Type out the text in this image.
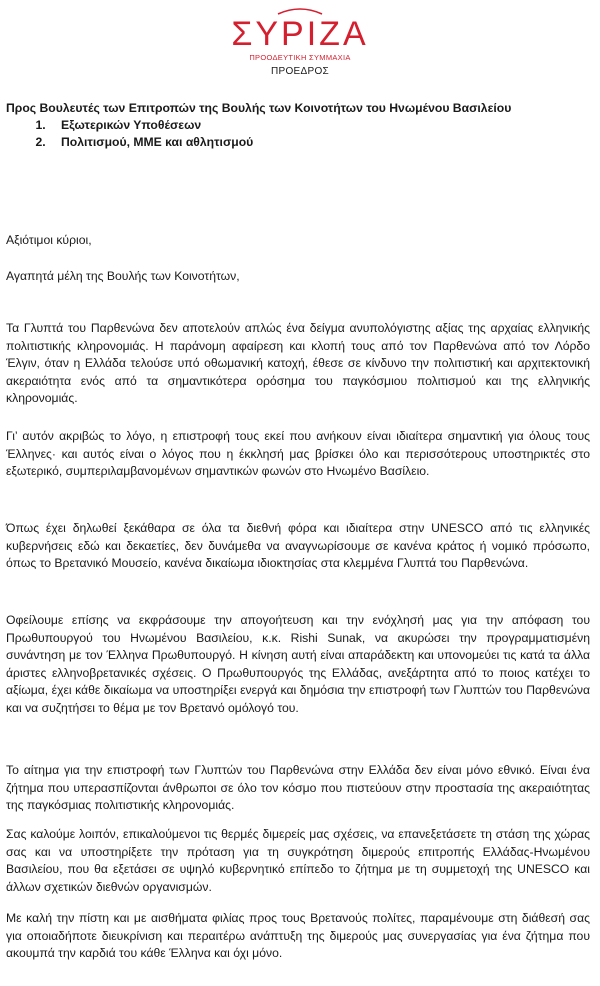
ΣΥΡΙΖΑ
ΠΡΟΟΔΕΥΤΙΚΗ ΣΥΜΜΑΧΙΑ
ΠΡΟΕΔΡΟΣ
Προς Βουλευτές των Επιτροπών της Βουλής των Κοινοτήτων του Ηνωμένου Βασιλείου
1. Εξωτερικών Υποθέσεων
2. Πολιτισμού, ΜΜΕ και αθλητισμού
Αξιότιμοι κύριοι,
Αγαπητά μέλη της Βουλής των Κοινοτήτων,

Τα Γλυπτά του Παρθενώνα δεν αποτελούν απλώς ένα δείγμα ανυπολόγιστης αξίας της αρχαίας ελληνικής πολιτιστικής κληρονομιάς. Η παράνομη αφαίρεση και κλοπή τους από τον Παρθενώνα από τον Λόρδο Έλγιν, όταν η Ελλάδα τελούσε υπό οθωμανική κατοχή, έθεσε σε κίνδυνο την πολιτιστική και αρχιτεκτονική ακεραιότητα ενός από τα σημαντικότερα ορόσημα του παγκόσμιου πολιτισμού και της ελληνικής κληρονομιάς.

Γι’ αυτόν ακριβώς το λόγο, η επιστροφή τους εκεί που ανήκουν είναι ιδιαίτερα σημαντική για όλους τους Έλληνες· και αυτός είναι ο λόγος που η έκκλησή μας βρίσκει όλο και περισσότερους υποστηρικτές στο εξωτερικό, συμπεριλαμβανομένων σημαντικών φωνών στο Ηνωμένο Βασίλειο.

Όπως έχει δηλωθεί ξεκάθαρα σε όλα τα διεθνή φόρα και ιδιαίτερα στην UNESCO από τις ελληνικές κυβερνήσεις εδώ και δεκαετίες, δεν δυνάμεθα να αναγνωρίσουμε σε κανένα κράτος ή νομικό πρόσωπο, όπως το Βρετανικό Μουσείο, κανένα δικαίωμα ιδιοκτησίας στα κλεμμένα Γλυπτά του Παρθενώνα.

Οφείλουμε επίσης να εκφράσουμε την απογοήτευση και την ενόχλησή μας για την απόφαση του Πρωθυπουργού του Ηνωμένου Βασιλείου, κ.κ. Rishi Sunak, να ακυρώσει την προγραμματισμένη συνάντηση με τον Έλληνα Πρωθυπουργό. Η κίνηση αυτή είναι απαράδεκτη και υπονομεύει τις κατά τα άλλα άριστες ελληνοβρετανικές σχέσεις. Ο Πρωθυπουργός της Ελλάδας, ανεξάρτητα από το ποιος κατέχει το αξίωμα, έχει κάθε δικαίωμα να υποστηρίξει ενεργά και δημόσια την επιστροφή των Γλυπτών του Παρθενώνα και να συζητήσει το θέμα με τον Βρετανό ομόλογό του.

Το αίτημα για την επιστροφή των Γλυπτών του Παρθενώνα στην Ελλάδα δεν είναι μόνο εθνικό. Είναι ένα ζήτημα που υπερασπίζονται άνθρωποι σε όλο τον κόσμο που πιστεύουν στην προστασία της ακεραιότητας της παγκόσμιας πολιτιστικής κληρονομιάς.

Σας καλούμε λοιπόν, επικαλούμενοι τις θερμές διμερείς μας σχέσεις, να επανεξετάσετε τη στάση της χώρας σας και να υποστηρίξετε την πρόταση για τη συγκρότηση διμερούς επιτροπής Ελλάδας-Ηνωμένου Βασιλείου, που θα εξετάσει σε υψηλό κυβερνητικό επίπεδο το ζήτημα με τη συμμετοχή της UNESCO και άλλων σχετικών διεθνών οργανισμών.

Με καλή την πίστη και με αισθήματα φιλίας προς τους Βρετανούς πολίτες, παραμένουμε στη διάθεσή σας για οποιαδήποτε διευκρίνιση και περαιτέρω ανάπτυξη της διμερούς μας συνεργασίας για ένα ζήτημα που ακουμπά την καρδιά του κάθε Έλληνα και όχι μόνο.
